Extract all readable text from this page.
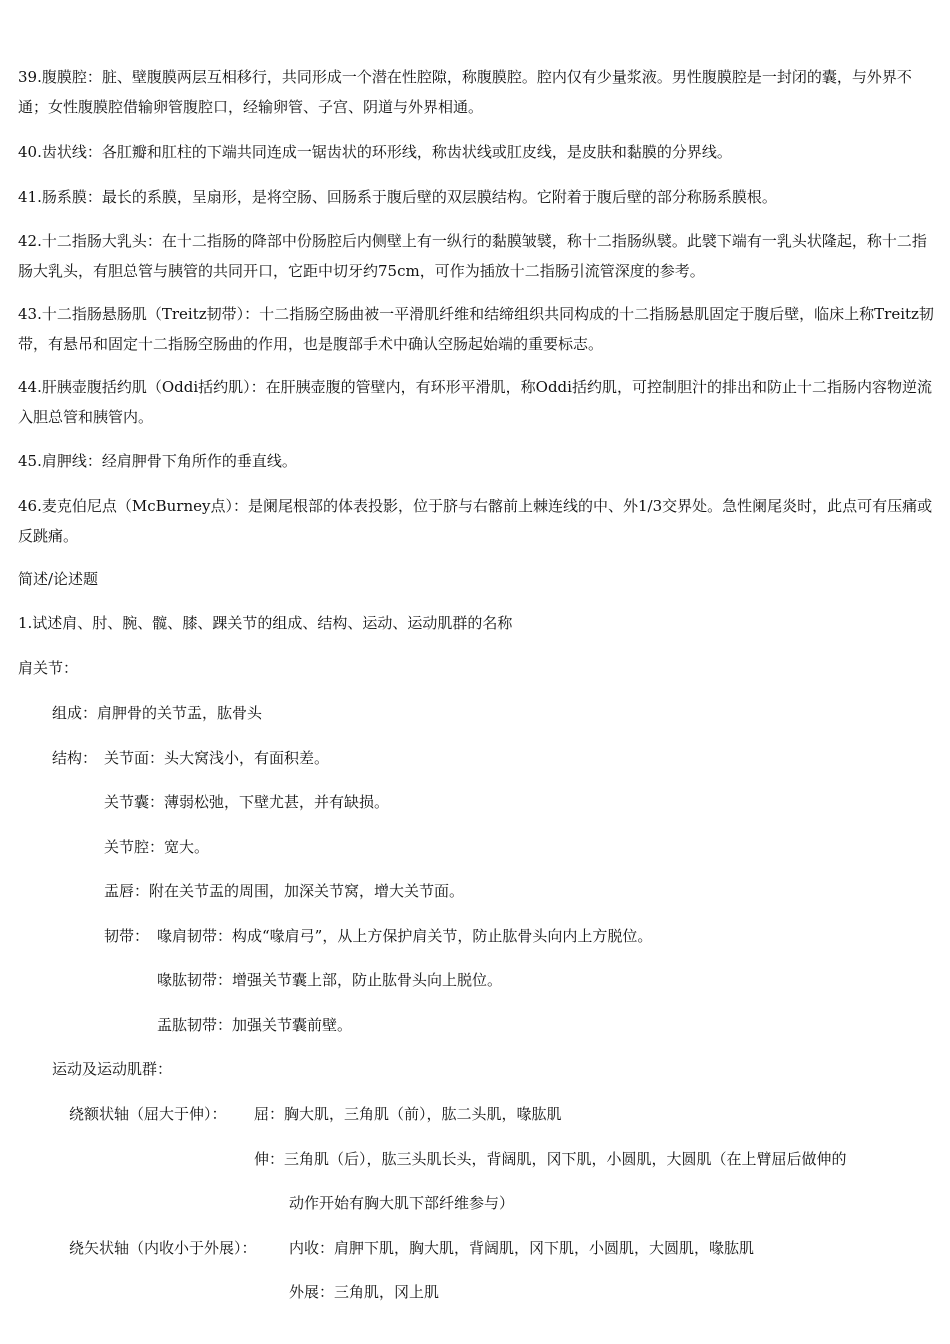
39.腹膜腔：脏、壁腹膜两层互相移行，共同形成一个潜在性腔隙，称腹膜腔。腔内仅有少量浆液。男性腹膜腔是一封闭的囊，与外界不通；女性腹膜腔借输卵管腹腔口，经输卵管、子宫、阴道与外界相通。

40.齿状线：各肛瓣和肛柱的下端共同连成一锯齿状的环形线，称齿状线或肛皮线，是皮肤和黏膜的分界线。

41.肠系膜：最长的系膜，呈扇形，是将空肠、回肠系于腹后壁的双层膜结构。它附着于腹后壁的部分称肠系膜根。

42.十二指肠大乳头：在十二指肠的降部中份肠腔后内侧壁上有一纵行的黏膜皱襞，称十二指肠纵襞。此襞下端有一乳头状隆起，称十二指肠大乳头，有胆总管与胰管的共同开口，它距中切牙约75cm，可作为插放十二指肠引流管深度的参考。

43.十二指肠悬肠肌（Treitz韧带）：十二指肠空肠曲被一平滑肌纤维和结缔组织共同构成的十二指肠悬肌固定于腹后壁，临床上称Treitz韧带，有悬吊和固定十二指肠空肠曲的作用，也是腹部手术中确认空肠起始端的重要标志。

44.肝胰壶腹括约肌（Oddi括约肌）：在肝胰壶腹的管壁内，有环形平滑肌，称Oddi括约肌，可控制胆汁的排出和防止十二指肠内容物逆流入胆总管和胰管内。

45.肩胛线：经肩胛骨下角所作的垂直线。

46.麦克伯尼点（McBurney点）：是阑尾根部的体表投影，位于脐与右髂前上棘连线的中、外1/3交界处。急性阑尾炎时，此点可有压痛或反跳痛。

简述/论述题
1.试述肩、肘、腕、髋、膝、踝关节的组成、结构、运动、运动肌群的名称
肩关节：
组成：肩胛骨的关节盂，肱骨头
结构： 关节面：头大窝浅小，有面积差。
关节囊：薄弱松弛，下壁尤甚，并有缺损。
关节腔：宽大。
盂唇：附在关节盂的周围，加深关节窝，增大关节面。
韧带： 喙肩韧带：构成“喙肩弓”，从上方保护肩关节，防止肱骨头向内上方脱位。
喙肱韧带：增强关节囊上部，防止肱骨头向上脱位。
盂肱韧带：加强关节囊前壁。
运动及运动肌群：
绕额状轴（屈大于伸）： 屈：胸大肌，三角肌（前），肱二头肌，喙肱肌
伸：三角肌（后），肱三头肌长头，背阔肌，冈下肌，小圆肌，大圆肌（在上臂屈后做伸的
动作开始有胸大肌下部纤维参与）
绕矢状轴（内收小于外展）： 内收：肩胛下肌，胸大肌，背阔肌，冈下肌，小圆肌，大圆肌，喙肱肌
外展：三角肌，冈上肌
